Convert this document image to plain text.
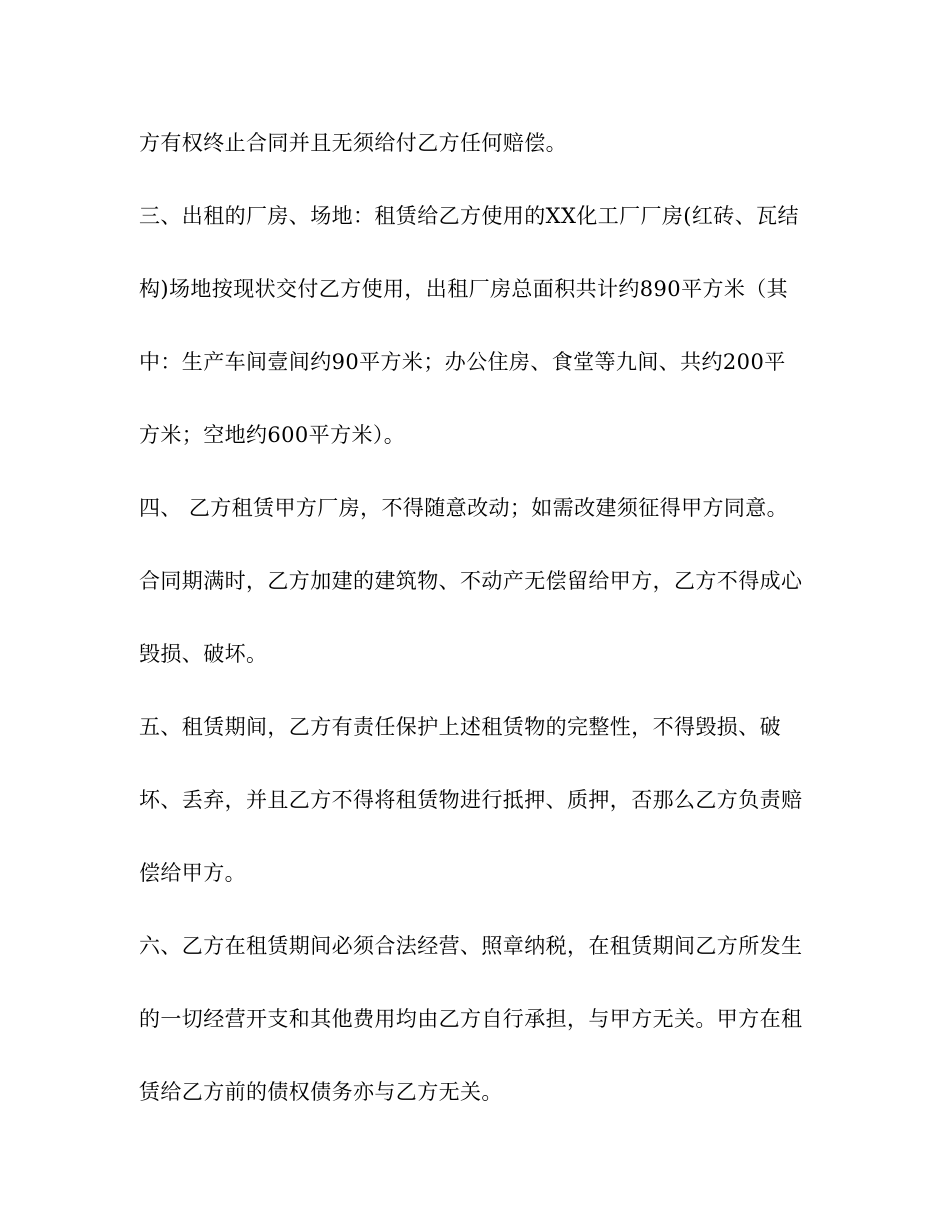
方有权终止合同并且无须给付乙方任何赔偿。
三、出租的厂房、场地：租赁给乙方使用的XX化工厂厂房(红砖、瓦结
构)场地按现状交付乙方使用，出租厂房总面积共计约890平方米（其
中：生产车间壹间约90平方米；办公住房、食堂等九间、共约200平
方米；空地约600平方米）。
四、 乙方租赁甲方厂房，不得随意改动；如需改建须征得甲方同意。
合同期满时，乙方加建的建筑物、不动产无偿留给甲方，乙方不得成心
毁损、破坏。
五、租赁期间，乙方有责任保护上述租赁物的完整性，不得毁损、破
坏、丢弃，并且乙方不得将租赁物进行抵押、质押，否那么乙方负责赔
偿给甲方。
六、乙方在租赁期间必须合法经营、照章纳税，在租赁期间乙方所发生
的一切经营开支和其他费用均由乙方自行承担，与甲方无关。甲方在租
赁给乙方前的债权债务亦与乙方无关。
